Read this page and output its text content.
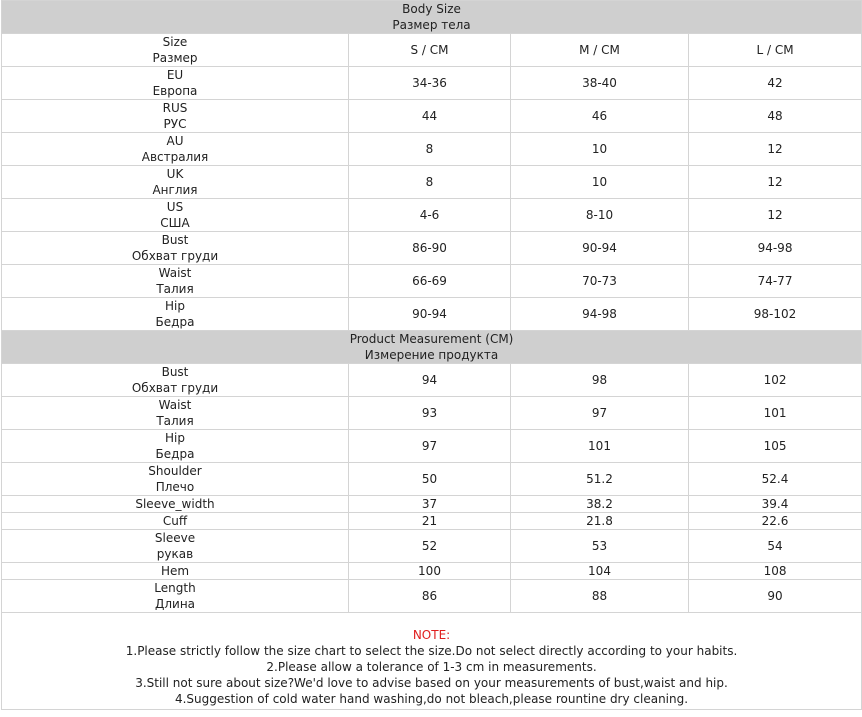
Body Size
Размер тела			

Size
Размер	S / CM	M / CM	L / CM

EU
Европа	34-36	38-40	42

RUS
РУС	44	46	48

AU
Австралия	8	10	12

UK
Англия	8	10	12

US
США	4-6	8-10	12

Bust
Обхват груди	86-90	90-94	94-98

Waist
Талия	66-69	70-73	74-77

Hip
Бедра	90-94	94-98	98-102

Product Measurement (CM)
Измерение продукта			

Bust
Обхват груди	94	98	102

Waist
Талия	93	97	101

Hip
Бедра	97	101	105

Shoulder
Плечо	50	51.2	52.4

Sleeve_width	37	38.2	39.4

Cuff	21	21.8	22.6

Sleeve
рукав	52	53	54

Hem	100	104	108

Length
Длина	86	88	90

NOTE:
1.Please strictly follow the size chart to select the size.Do not select directly according to your habits.
2.Please allow a tolerance of 1-3 cm in measurements.
3.Still not sure about size?We'd love to advise based on your measurements of bust,waist and hip.
4.Suggestion of cold water hand washing,do not bleach,please rountine dry cleaning.			
